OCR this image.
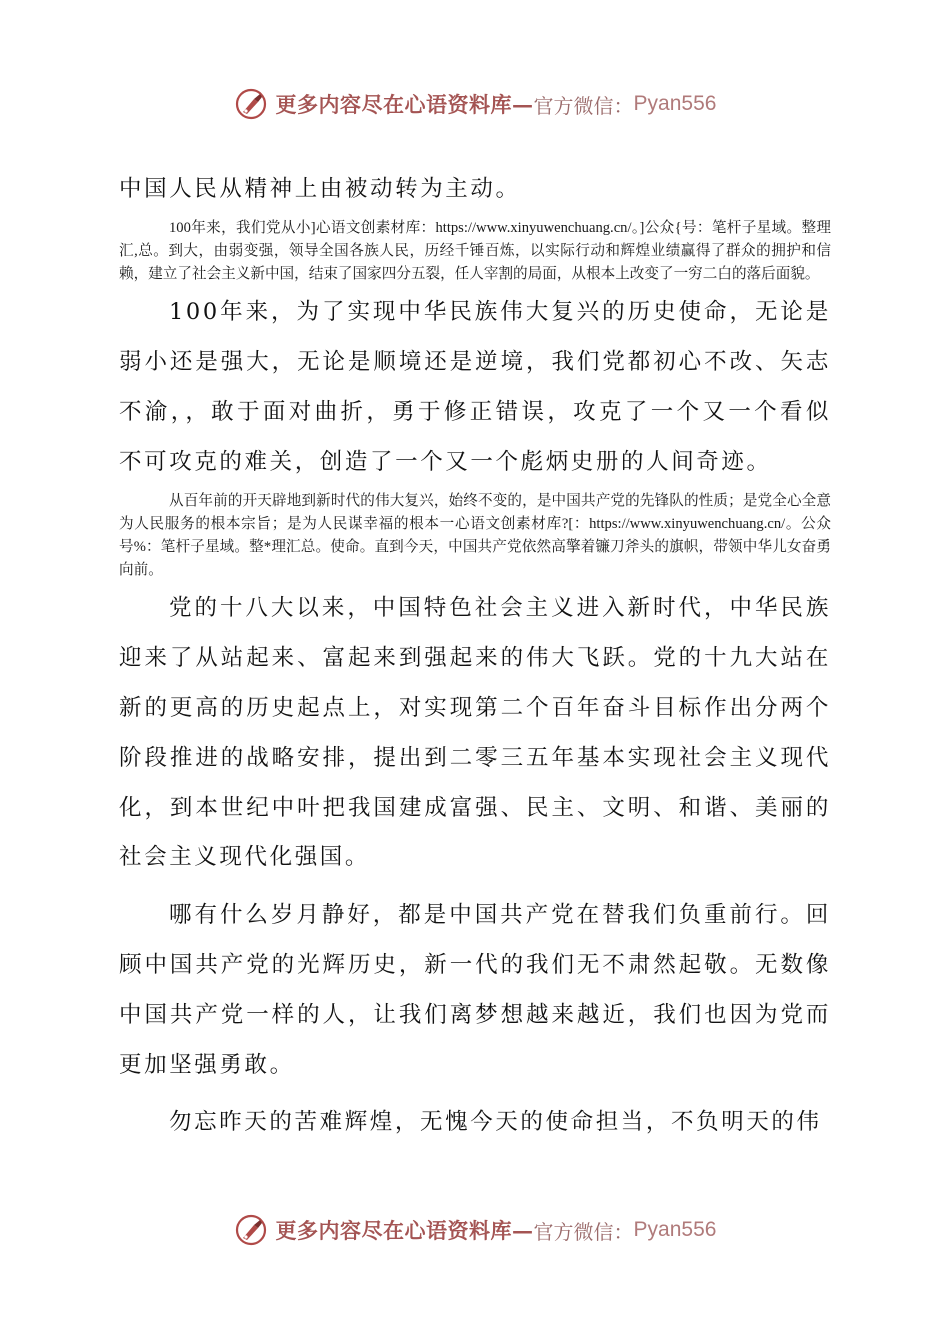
更多内容尽在心语资料库— 官方微信： Pyan556

中国人民从精神上由被动转为主动。

100年来，我们党从小]心语文创素材库：https://www.xinyuwenchuang.cn/。]公众{号：笔杆子星域。整理汇,总。到大，由弱变强，领导全国各族人民，历经千锤百炼，以实际行动和辉煌业绩赢得了群众的拥护和信赖，建立了社会主义新中国，结束了国家四分五裂，任人宰割的局面，从根本上改变了一穷二白的落后面貌。

100年来，为了实现中华民族伟大复兴的历史使命，无论是弱小还是强大，无论是顺境还是逆境，我们党都初心不改、矢志不渝，，敢于面对曲折，勇于修正错误，攻克了一个又一个看似不可攻克的难关，创造了一个又一个彪炳史册的人间奇迹。

从百年前的开天辟地到新时代的伟大复兴，始终不变的，是中国共产党的先锋队的性质；是党全心全意为人民服务的根本宗旨；是为人民谋幸福的根本一心语文创素材库?[：https://www.xinyuwenchuang.cn/。公众号%：笔杆子星域。整*理汇总。使命。直到今天，中国共产党依然高擎着镰刀斧头的旗帜，带领中华儿女奋勇向前。

党的十八大以来，中国特色社会主义进入新时代，中华民族迎来了从站起来、富起来到强起来的伟大飞跃。党的十九大站在新的更高的历史起点上，对实现第二个百年奋斗目标作出分两个阶段推进的战略安排，提出到二零三五年基本实现社会主义现代化，到本世纪中叶把我国建成富强、民主、文明、和谐、美丽的社会主义现代化强国。

哪有什么岁月静好，都是中国共产党在替我们负重前行。回顾中国共产党的光辉历史，新一代的我们无不肃然起敬。无数像中国共产党一样的人，让我们离梦想越来越近，我们也因为党而更加坚强勇敢。

勿忘昨天的苦难辉煌，无愧今天的使命担当，不负明天的伟

更多内容尽在心语资料库— 官方微信： Pyan556
